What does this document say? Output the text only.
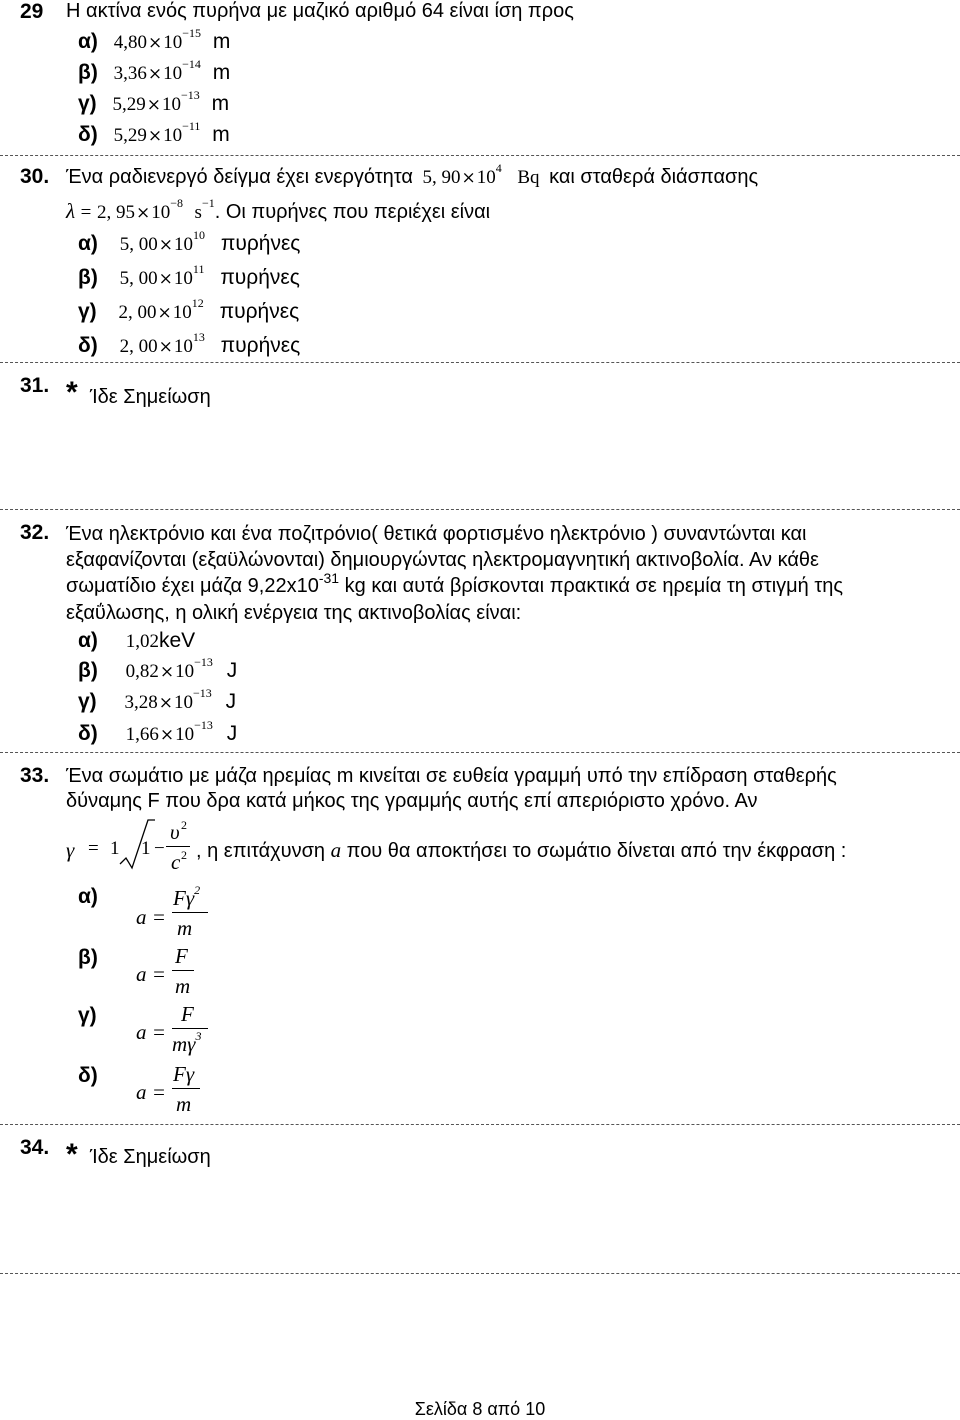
29 Η ακτίνα ενός πυρήνα με μαζικό αριθμό 64 είναι ίση προς
α) $4,80\times 10^{-15}$ m
β) $3,36\times 10^{-14}$ m
γ) $5,29\times 10^{-13}$ m
δ) $5,29\times 10^{-11}$ m
30. Ένα ραδιενεργό δείγμα έχει ενεργότητα 5, $90\times 10^4$ Bq και σταθερά διάσπασης
λ = 2, $95\times 10^{-8}$ $s^{-1}$. Οι πυρήνες που περιέχει είναι
α) 5, $00\times 10^{10}$ πυρήνες
β) 5, $00\times 10^{11}$ πυρήνες
γ) 2, $00\times 10^{12}$ πυρήνες
δ) 2, $00\times 10^{13}$ πυρήνες
31. * Ίδε Σημείωση
32. Ένα ηλεκτρόνιο και ένα ποζιτρόνιο( θετικά φορτισμένο ηλεκτρόνιο ) συναντώνται και
εξαφανίζονται (εξαϋλώνονται) δημιουργώντας ηλεκτρομαγνητική ακτινοβολία. Αν κάθε
σωματίδιο έχει μάζα $9,22x10^{-31}$ kg και αυτά βρίσκονται πρακτικά σε ηρεμία τη στιγμή της
εξαΰλωσης, η ολική ενέργεια της ακτινοβολίας είναι:
α) 1,02keV
β) $0,82\times 10^{-13}$ J
γ) $3,28\times 10^{-13}$ J
δ) $1,66\times 10^{-13}$ J
33. Ένα σωμάτιο με μάζα ηρεμίας m κινείται σε ευθεία γραμμή υπό την επίδραση σταθερής
δύναμης F που δρα κατά μήκος της γραμμής αυτής επί απεριόριστο χρόνο. Αν
γ = 1 1 −
υ 2
c 2 , η επιτάχυνση a που θα αποκτήσει το σωμάτιο δίνεται από την έκφραση :
α)
a =
$F\gamma^2$
m
β)
a =
F
m
γ)
a =
F
$m\gamma^3$
δ)
a =
Fγ
m
34. * Ίδε Σημείωση
Σελίδα 8 από 10
